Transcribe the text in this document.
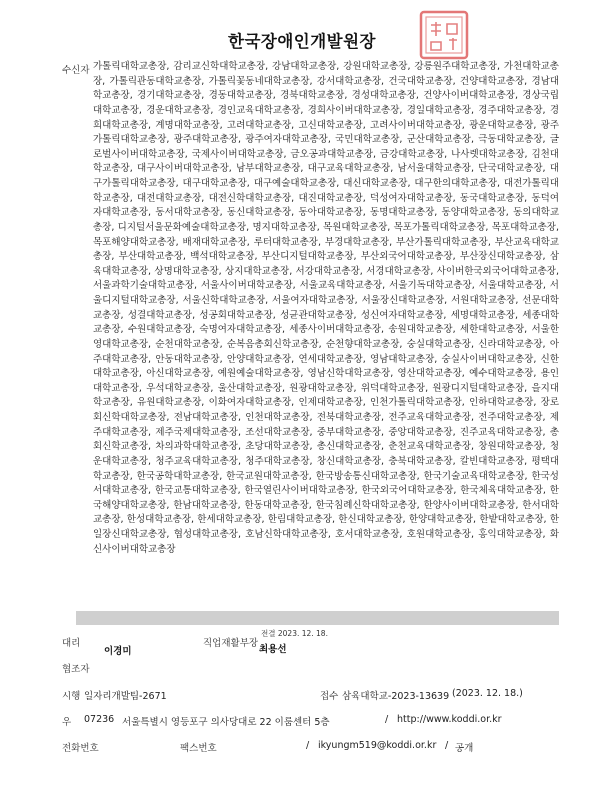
한국장애인개발원장
수신자 가톨릭대학교총장, 감리교신학대학교총장, 강남대학교총장, 강원대학교총장, 강릉원주대학교총장, 가천대학교총장, 가톨릭관동대학교총장, 가톨릭꽃동네대학교총장, 강서대학교총장, 건국대학교총장, 건양대학교총장, 경남대학교총장, 경기대학교총장, 경동대학교총장, 경북대학교총장, 경성대학교총장, 건양사이버대학교총장, 경상국립대학교총장, 경운대학교총장, 경인교육대학교총장, 경희사이버대학교총장, 경일대학교총장, 경주대학교총장, 경희대학교총장, 계명대학교총장, 고려대학교총장, 고신대학교총장, 고려사이버대학교총장, 광운대학교총장, 광주가톨릭대학교총장, 광주대학교총장, 광주여자대학교총장, 국민대학교총장, 군산대학교총장, 극동대학교총장, 글로벌사이버대학교총장, 국제사이버대학교총장, 금오공과대학교총장, 금강대학교총장, 나사렛대학교총장, 김천대학교총장, 대구사이버대학교총장, 남부대학교총장, 대구교육대학교총장, 남서울대학교총장, 단국대학교총장, 대구가톨릭대학교총장, 대구대학교총장, 대구예술대학교총장, 대신대학교총장, 대구한의대학교총장, 대전가톨릭대학교총장, 대전대학교총장, 대전신학대학교총장, 대진대학교총장, 덕성여자대학교총장, 동국대학교총장, 동덕여자대학교총장, 동서대학교총장, 동신대학교총장, 동아대학교총장, 동명대학교총장, 동양대학교총장, 동의대학교총장, 디지털서울문화예술대학교총장, 명지대학교총장, 목원대학교총장, 목포가톨릭대학교총장, 목포대학교총장, 목포해양대학교총장, 배재대학교총장, 루터대학교총장, 부경대학교총장, 부산가톨릭대학교총장, 부산교육대학교총장, 부산대학교총장, 백석대학교총장, 부산디지털대학교총장, 부산외국어대학교총장, 부산장신대학교총장, 삼육대학교총장, 상명대학교총장, 상지대학교총장, 서강대학교총장, 서경대학교총장, 사이버한국외국어대학교총장, 서울과학기술대학교총장, 서울사이버대학교총장, 서울교육대학교총장, 서울기독대학교총장, 서울대학교총장, 서울디지털대학교총장, 서울신학대학교총장, 서울여자대학교총장, 서울장신대학교총장, 서원대학교총장, 선문대학교총장, 성결대학교총장, 성공회대학교총장, 성균관대학교총장, 성신여자대학교총장, 세명대학교총장, 세종대학교총장, 수원대학교총장, 숙명여자대학교총장, 세종사이버대학교총장, 송원대학교총장, 세한대학교총장, 서울한영대학교총장, 순천대학교총장, 순복음총회신학교총장, 순천향대학교총장, 숭실대학교총장, 신라대학교총장, 아주대학교총장, 안동대학교총장, 안양대학교총장, 연세대학교총장, 영남대학교총장, 숭실사이버대학교총장, 신한대학교총장, 아신대학교총장, 예원예술대학교총장, 영남신학대학교총장, 영산대학교총장, 예수대학교총장, 용인대학교총장, 우석대학교총장, 울산대학교총장, 원광대학교총장, 위덕대학교총장, 원광디지털대학교총장, 을지대학교총장, 유원대학교총장, 이화여자대학교총장, 인제대학교총장, 인천가톨릭대학교총장, 인하대학교총장, 장로회신학대학교총장, 전남대학교총장, 인천대학교총장, 전북대학교총장, 전주교육대학교총장, 전주대학교총장, 제주대학교총장, 제주국제대학교총장, 조선대학교총장, 중부대학교총장, 중앙대학교총장, 진주교육대학교총장, 총회신학교총장, 차의과학대학교총장, 초당대학교총장, 총신대학교총장, 춘천교육대학교총장, 창원대학교총장, 청운대학교총장, 청주교육대학교총장, 청주대학교총장, 창신대학교총장, 충북대학교총장, 칼빈대학교총장, 평택대학교총장, 한국공학대학교총장, 한국교원대학교총장, 한국방송통신대학교총장, 한국기술교육대학교총장, 한국성서대학교총장, 한국교통대학교총장, 한국열린사이버대학교총장, 한국외국어대학교총장, 한국체육대학교총장, 한국해양대학교총장, 한남대학교총장, 한동대학교총장, 한국침례신학대학교총장, 한양사이버대학교총장, 한서대학교총장, 한성대학교총장, 한세대학교총장, 한림대학교총장, 한신대학교총장, 한양대학교총장, 한밭대학교총장, 한일장신대학교총장, 협성대학교총장, 호남신학대학교총장, 호서대학교총장, 호원대학교총장, 홍익대학교총장, 화신사이버대학교총장
대리
이경미
직업재활부장
전결 2023. 12. 18.
최용선
협조자
시행 일자리개발팀-2671	접수 삼육대학교-2023-13639 (2023. 12. 18.)
우 07236 서울특별시 영등포구 의사당대로 22 이룸센터 5층	/ http://www.koddi.or.kr
전화번호	팩스번호	/ ikyungm519@koddi.or.kr / 공개
